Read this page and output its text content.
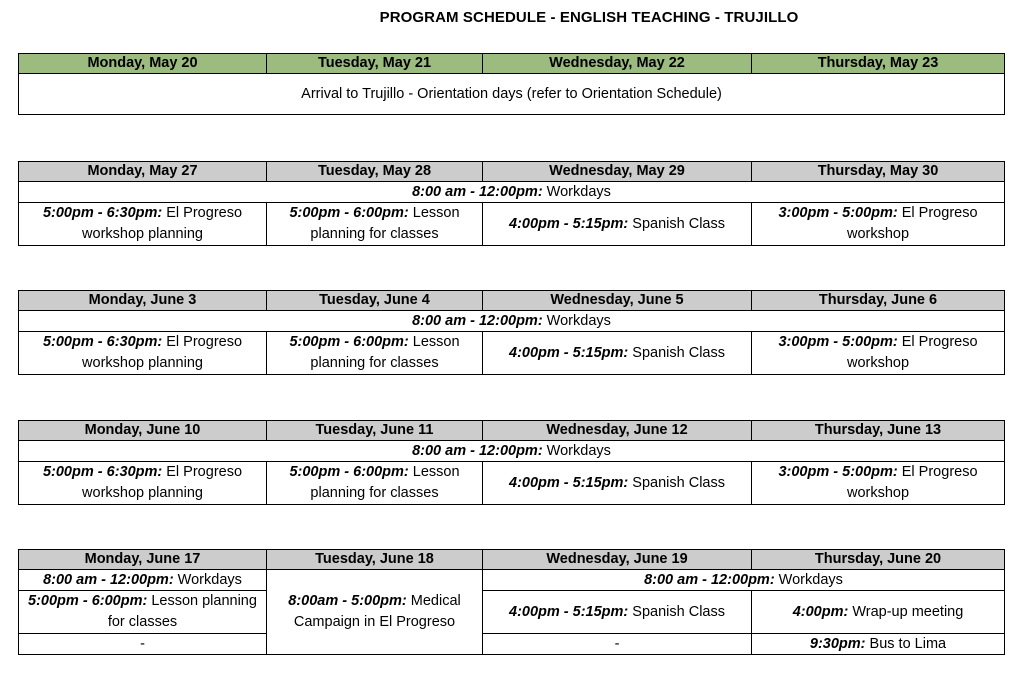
PROGRAM SCHEDULE - ENGLISH TEACHING - TRUJILLO
Monday, May 20	Tuesday, May 21	Wednesday, May 22	Thursday, May 23
Arrival to Trujillo - Orientation days (refer to Orientation Schedule)
Monday, May 27	Tuesday, May 28	Wednesday, May 29	Thursday, May 30
8:00 am - 12:00pm: Workdays			
5:00pm - 6:30pm: El Progreso workshop planning	5:00pm - 6:00pm: Lesson planning for classes	4:00pm - 5:15pm: Spanish Class	3:00pm - 5:00pm: El Progreso workshop
Monday, June 3	Tuesday, June 4	Wednesday, June 5	Thursday, June 6
8:00 am - 12:00pm: Workdays			
5:00pm - 6:30pm: El Progreso workshop planning	5:00pm - 6:00pm: Lesson planning for classes	4:00pm - 5:15pm: Spanish Class	3:00pm - 5:00pm: El Progreso workshop
Monday, June 10	Tuesday, June 11	Wednesday, June 12	Thursday, June 13
8:00 am - 12:00pm: Workdays			
5:00pm - 6:30pm: El Progreso workshop planning	5:00pm - 6:00pm: Lesson planning for classes	4:00pm - 5:15pm: Spanish Class	3:00pm - 5:00pm: El Progreso workshop
Monday, June 17	Tuesday, June 18	Wednesday, June 19	Thursday, June 20
8:00 am - 12:00pm: Workdays	8:00am - 5:00pm: Medical Campaign in El Progreso	8:00 am - 12:00pm: Workdays	
5:00pm - 6:00pm: Lesson planning for classes		4:00pm - 5:15pm: Spanish Class	4:00pm: Wrap-up meeting
-		-	9:30pm: Bus to Lima
